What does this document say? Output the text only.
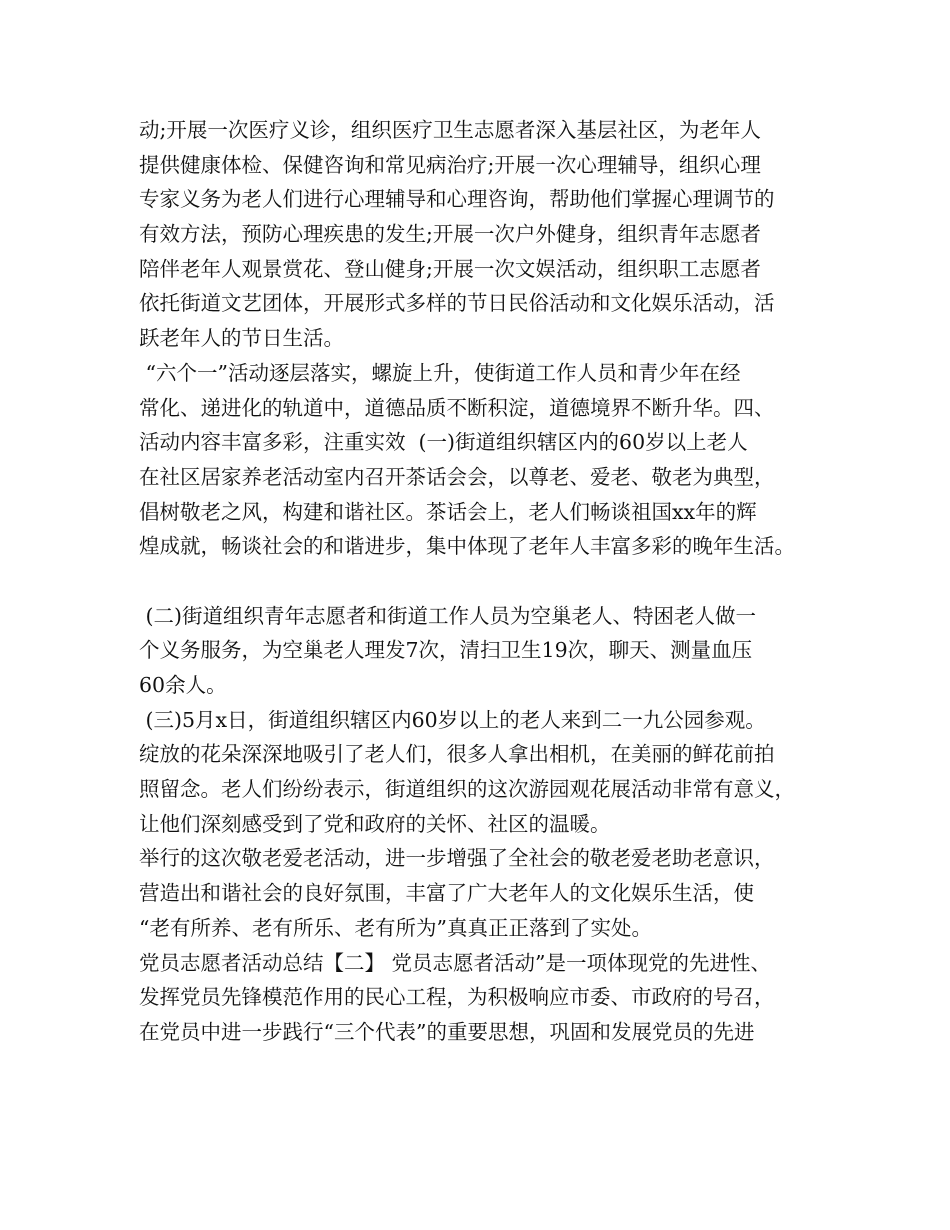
动;开展一次医疗义诊，组织医疗卫生志愿者深入基层社区，为老年人
提供健康体检、保健咨询和常见病治疗;开展一次心理辅导，组织心理
专家义务为老人们进行心理辅导和心理咨询，帮助他们掌握心理调节的
有效方法，预防心理疾患的发生;开展一次户外健身，组织青年志愿者
陪伴老年人观景赏花、登山健身;开展一次文娱活动，组织职工志愿者
依托街道文艺团体，开展形式多样的节日民俗活动和文化娱乐活动，活
跃老年人的节日生活。
“六个一”活动逐层落实，螺旋上升，使街道工作人员和青少年在经
常化、递进化的轨道中，道德品质不断积淀，道德境界不断升华。四、
活动内容丰富多彩，注重实效  (一)街道组织辖区内的60岁以上老人
在社区居家养老活动室内召开茶话会会，以尊老、爱老、敬老为典型，
倡树敬老之风，构建和谐社区。茶话会上，老人们畅谈祖国xx年的辉
煌成就，畅谈社会的和谐进步，集中体现了老年人丰富多彩的晚年生活。
(二)街道组织青年志愿者和街道工作人员为空巢老人、特困老人做一
个义务服务，为空巢老人理发7次，清扫卫生19次，聊天、测量血压
60余人。
(三)5月x日，街道组织辖区内60岁以上的老人来到二一九公园参观。
绽放的花朵深深地吸引了老人们，很多人拿出相机，在美丽的鲜花前拍
照留念。老人们纷纷表示，街道组织的这次游园观花展活动非常有意义，
让他们深刻感受到了党和政府的关怀、社区的温暖。
举行的这次敬老爱老活动，进一步增强了全社会的敬老爱老助老意识，
营造出和谐社会的良好氛围，丰富了广大老年人的文化娱乐生活，使
“老有所养、老有所乐、老有所为”真真正正落到了实处。
党员志愿者活动总结【二】 党员志愿者活动”是一项体现党的先进性、
发挥党员先锋模范作用的民心工程，为积极响应市委、市政府的号召，
在党员中进一步践行“三个代表”的重要思想，巩固和发展党员的先进
